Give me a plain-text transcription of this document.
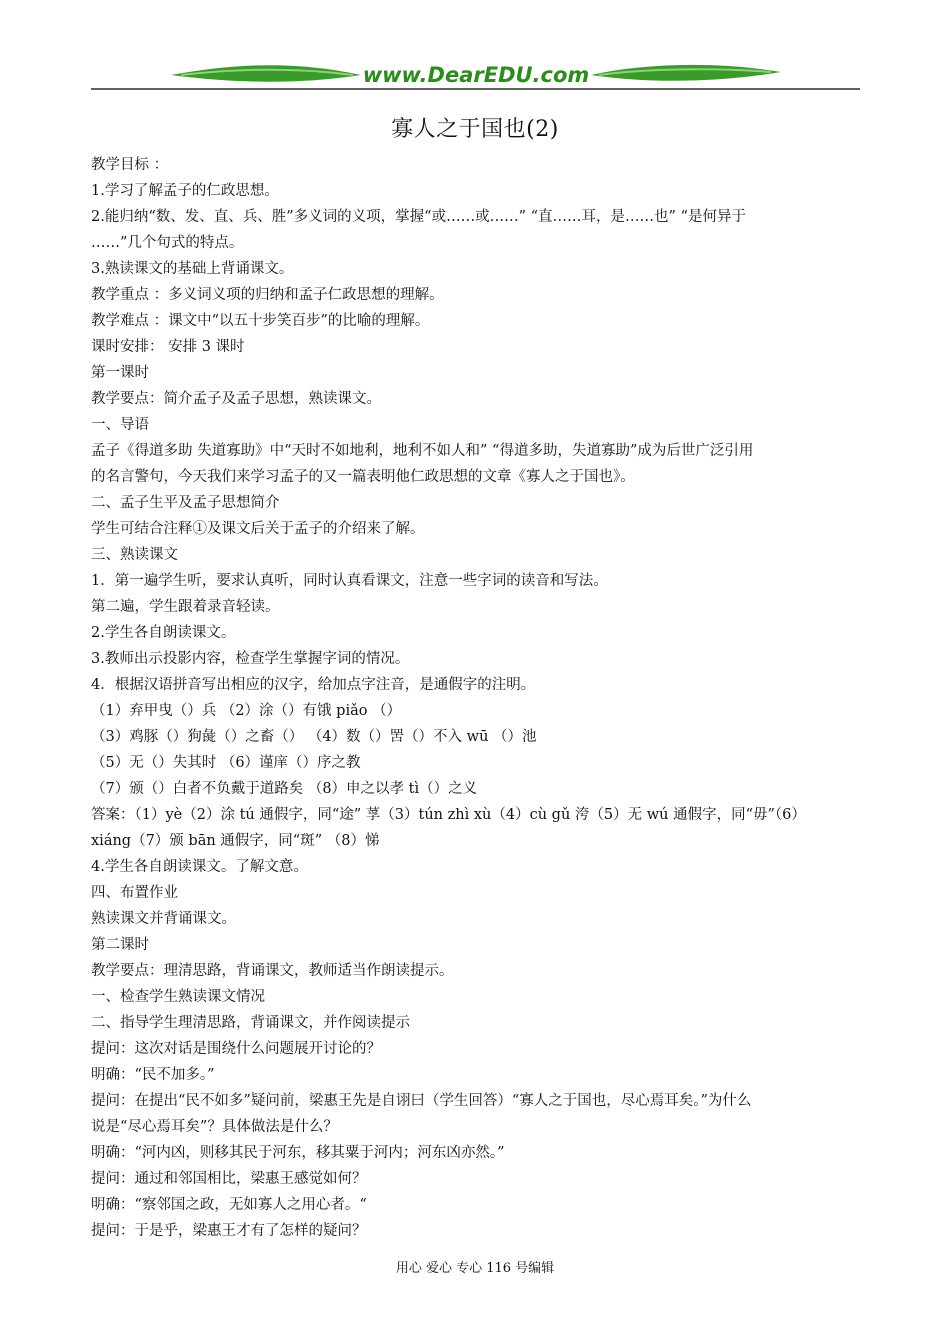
www.DearEDU.com
寡人之于国也(2)
教学目标 ：
1.学习了解孟子的仁政思想。
2.能归纳“数、发、直、兵、胜”多义词的义项，掌握“或……或……” “直……耳，是……也” “是何异于
……”几个句式的特点。
3.熟读课文的基础上背诵课文。
教学重点 ：多义词义项的归纳和孟子仁政思想的理解。
教学难点 ：课文中“以五十步笑百步”的比喻的理解。
课时安排： 安排 3 课时
第一课时
教学要点：简介孟子及孟子思想，熟读课文。
一、导语
孟子《得道多助 失道寡助》中“天时不如地利，地利不如人和” “得道多助，失道寡助”成为后世广泛引用
的名言警句，今天我们来学习孟子的又一篇表明他仁政思想的文章《寡人之于国也》。
二、孟子生平及孟子思想简介
学生可结合注释①及课文后关于孟子的介绍来了解。
三、熟读课文
1．第一遍学生听，要求认真听，同时认真看课文，注意一些字词的读音和写法。
第二遍，学生跟着录音轻读。
2.学生各自朗读课文。
3.教师出示投影内容，检查学生掌握字词的情况。
4．根据汉语拼音写出相应的汉字，给加点字注音，是通假字的注明。
（1）弃甲曳（）兵 （2）涂（）有饿 piǎo （）
（3）鸡豚（）狗彘（）之畜（） （4）数（）罟（）不入 wū （）池
（5）无（）失其时 （6）谨庠（）序之教
（7）颁（）白者不负戴于道路矣 （8）申之以孝 tì（）之义
答案：（1）yè（2）涂 tú 通假字，同“途” 莩（3）tún zhì xù（4）cù gǔ 洿（5）无 wú 通假字，同“毋”（6）
xiáng（7）颁 bān 通假字，同“斑” （8）悌
4.学生各自朗读课文。了解文意。
四、布置作业
熟读课文并背诵课文。
第二课时
教学要点：理清思路，背诵课文，教师适当作朗读提示。
一、检查学生熟读课文情况
二、指导学生理清思路，背诵课文，并作阅读提示
提问：这次对话是围绕什么问题展开讨论的？
明确：“民不加多。”
提问：在提出“民不如多”疑问前，梁惠王先是自诩曰（学生回答）“寡人之于国也，尽心焉耳矣。”为什么
说是“尽心焉耳矣”？具体做法是什么？
明确：“河内凶，则移其民于河东，移其粟于河内；河东凶亦然。”
提问：通过和邻国相比，梁惠王感觉如何？
明确：“察邻国之政，无如寡人之用心者。“
提问：于是乎，梁惠王才有了怎样的疑问？
用心 爱心 专心 116 号编辑
